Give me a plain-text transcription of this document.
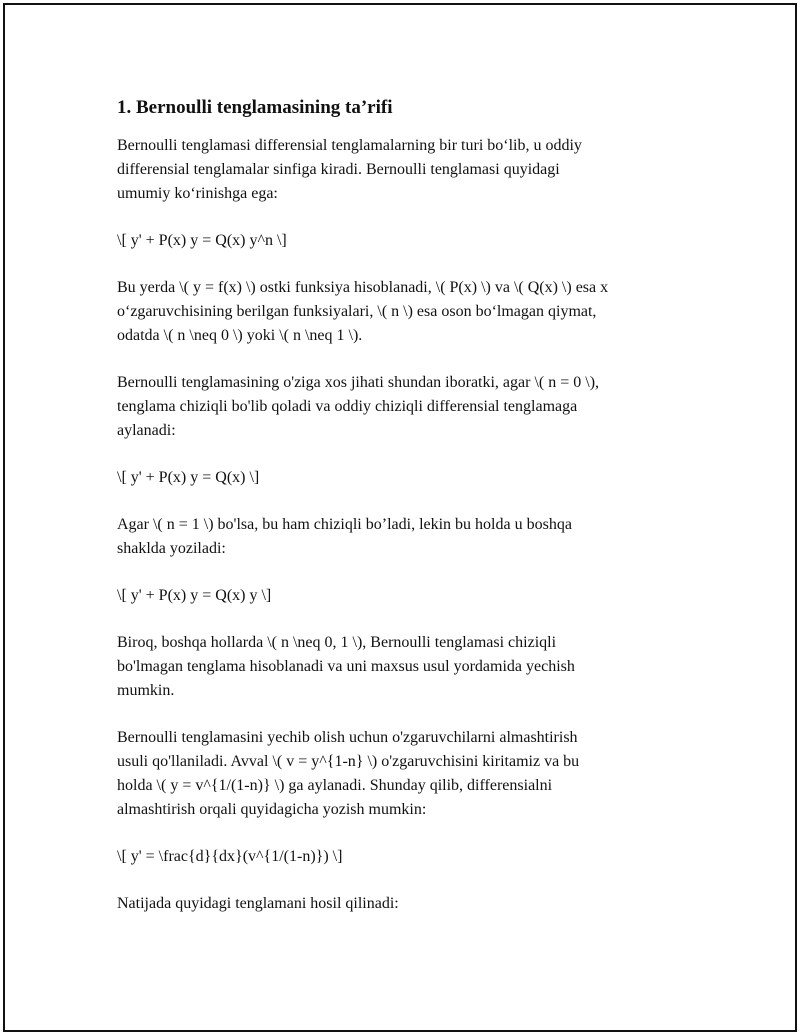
1. Bernoulli tenglamasining ta’rifi

Bernoulli tenglamasi differensial tenglamalarning bir turi bo‘lib, u oddiy
differensial tenglamalar sinfiga kiradi. Bernoulli tenglamasi quyidagi
umumiy ko‘rinishga ega:

\[ y' + P(x) y = Q(x) y^n \]

Bu yerda \( y = f(x) \) ostki funksiya hisoblanadi, \( P(x) \) va \( Q(x) \) esa x
o‘zgaruvchisining berilgan funksiyalari, \( n \) esa oson bo‘lmagan qiymat,
odatda \( n \neq 0 \) yoki \( n \neq 1 \).

Bernoulli tenglamasining o'ziga xos jihati shundan iboratki, agar \( n = 0 \),
tenglama chiziqli bo'lib qoladi va oddiy chiziqli differensial tenglamaga
aylanadi:

\[ y' + P(x) y = Q(x) \]

Agar \( n = 1 \) bo'lsa, bu ham chiziqli bo’ladi, lekin bu holda u boshqa
shakldа yoziladi:

\[ y' + P(x) y = Q(x) y \]

Biroq, boshqa hollarda \( n \neq 0, 1 \), Bernoulli tenglamasi chiziqli
bo'lmagan tenglama hisoblanadi va uni maxsus usul yordamida yechish
mumkin.

Bernoulli tenglamasini yechib olish uchun o'zgaruvchilarni almashtirish
usuli qo'llaniladi. Avval \( v = y^{1-n} \) o'zgaruvchisini kiritamiz va bu
holda \( y = v^{1/(1-n)} \) ga aylanadi. Shunday qilib, differensialni
almashtirish orqali quyidagicha yozish mumkin:

\[ y' = \frac{d}{dx}(v^{1/(1-n)}) \]

Natijada quyidagi tenglamani hosil qilinadi:
